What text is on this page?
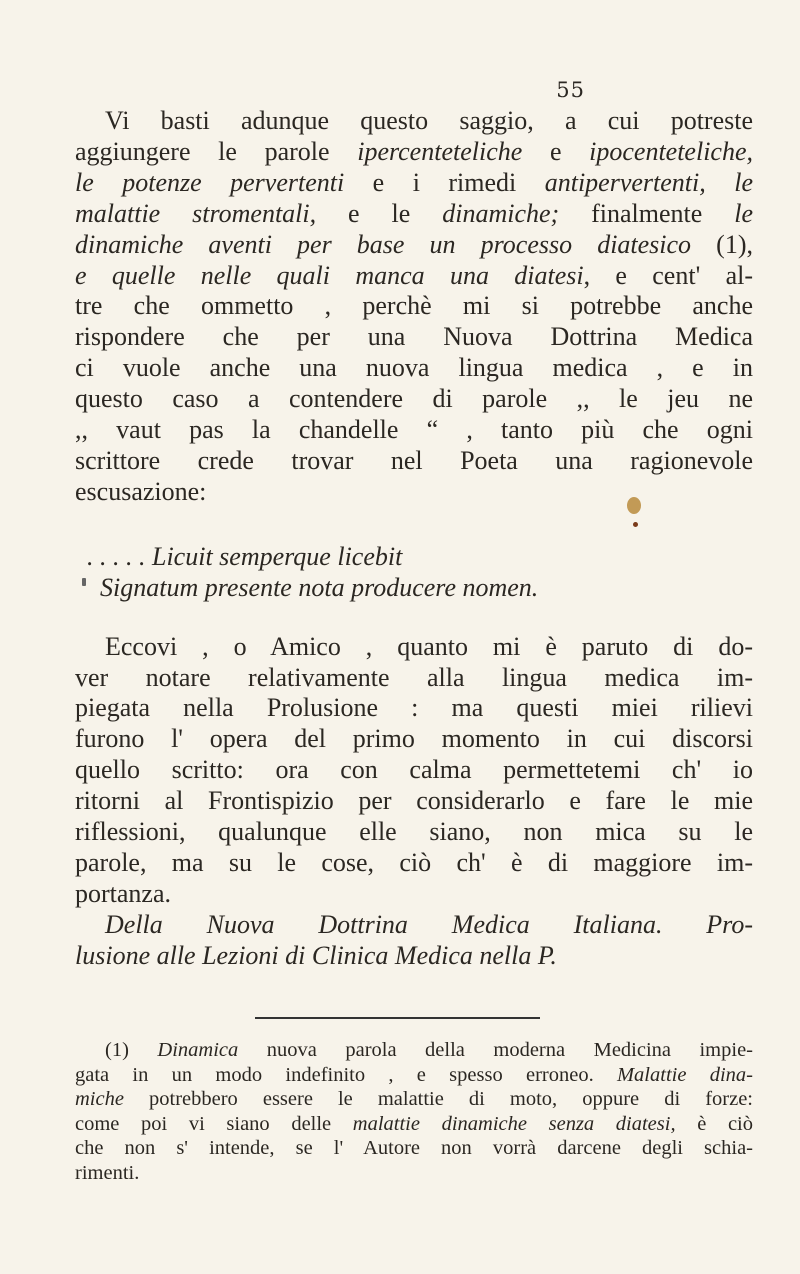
55

Vi basti adunque questo saggio, a cui potreste
aggiungere le parole ipercenteteliche e ipocenteteliche,
le potenze pervertenti e i rimedi antipervertenti, le
malattie stromentali, e le dinamiche; finalmente le
dinamiche aventi per base un processo diatesico (1),
e quelle nelle quali manca una diatesi, e cent' al-
tre che ommetto , perchè mi si potrebbe anche
rispondere che per una Nuova Dottrina Medica
ci vuole anche una nuova lingua medica , e in
questo caso a contendere di parole ,, le jeu ne
,, vaut pas la chandelle “ , tanto più che ogni
scrittore crede trovar nel Poeta una ragionevole
escusazione:

. . . . . Licuit semperque licebit
Signatum presente nota producere nomen.

Eccovi , o Amico , quanto mi è paruto di do-
ver notare relativamente alla lingua medica im-
piegata nella Prolusione : ma questi miei rilievi
furono l' opera del primo momento in cui discorsi
quello scritto: ora con calma permettetemi ch' io
ritorni al Frontispizio per considerarlo e fare le mie
riflessioni, qualunque elle siano, non mica su le
parole, ma su le cose, ciò ch' è di maggiore im-
portanza.
Della Nuova Dottrina Medica Italiana. Pro-
lusione alle Lezioni di Clinica Medica nella P.

(1) Dinamica nuova parola della moderna Medicina impie-
gata in un modo indefinito , e spesso erroneo. Malattie dina-
miche potrebbero essere le malattie di moto, oppure di forze:
come poi vi siano delle malattie dinamiche senza diatesi, è ciò
che non s' intende, se l' Autore non vorrà darcene degli schia-
rimenti.
